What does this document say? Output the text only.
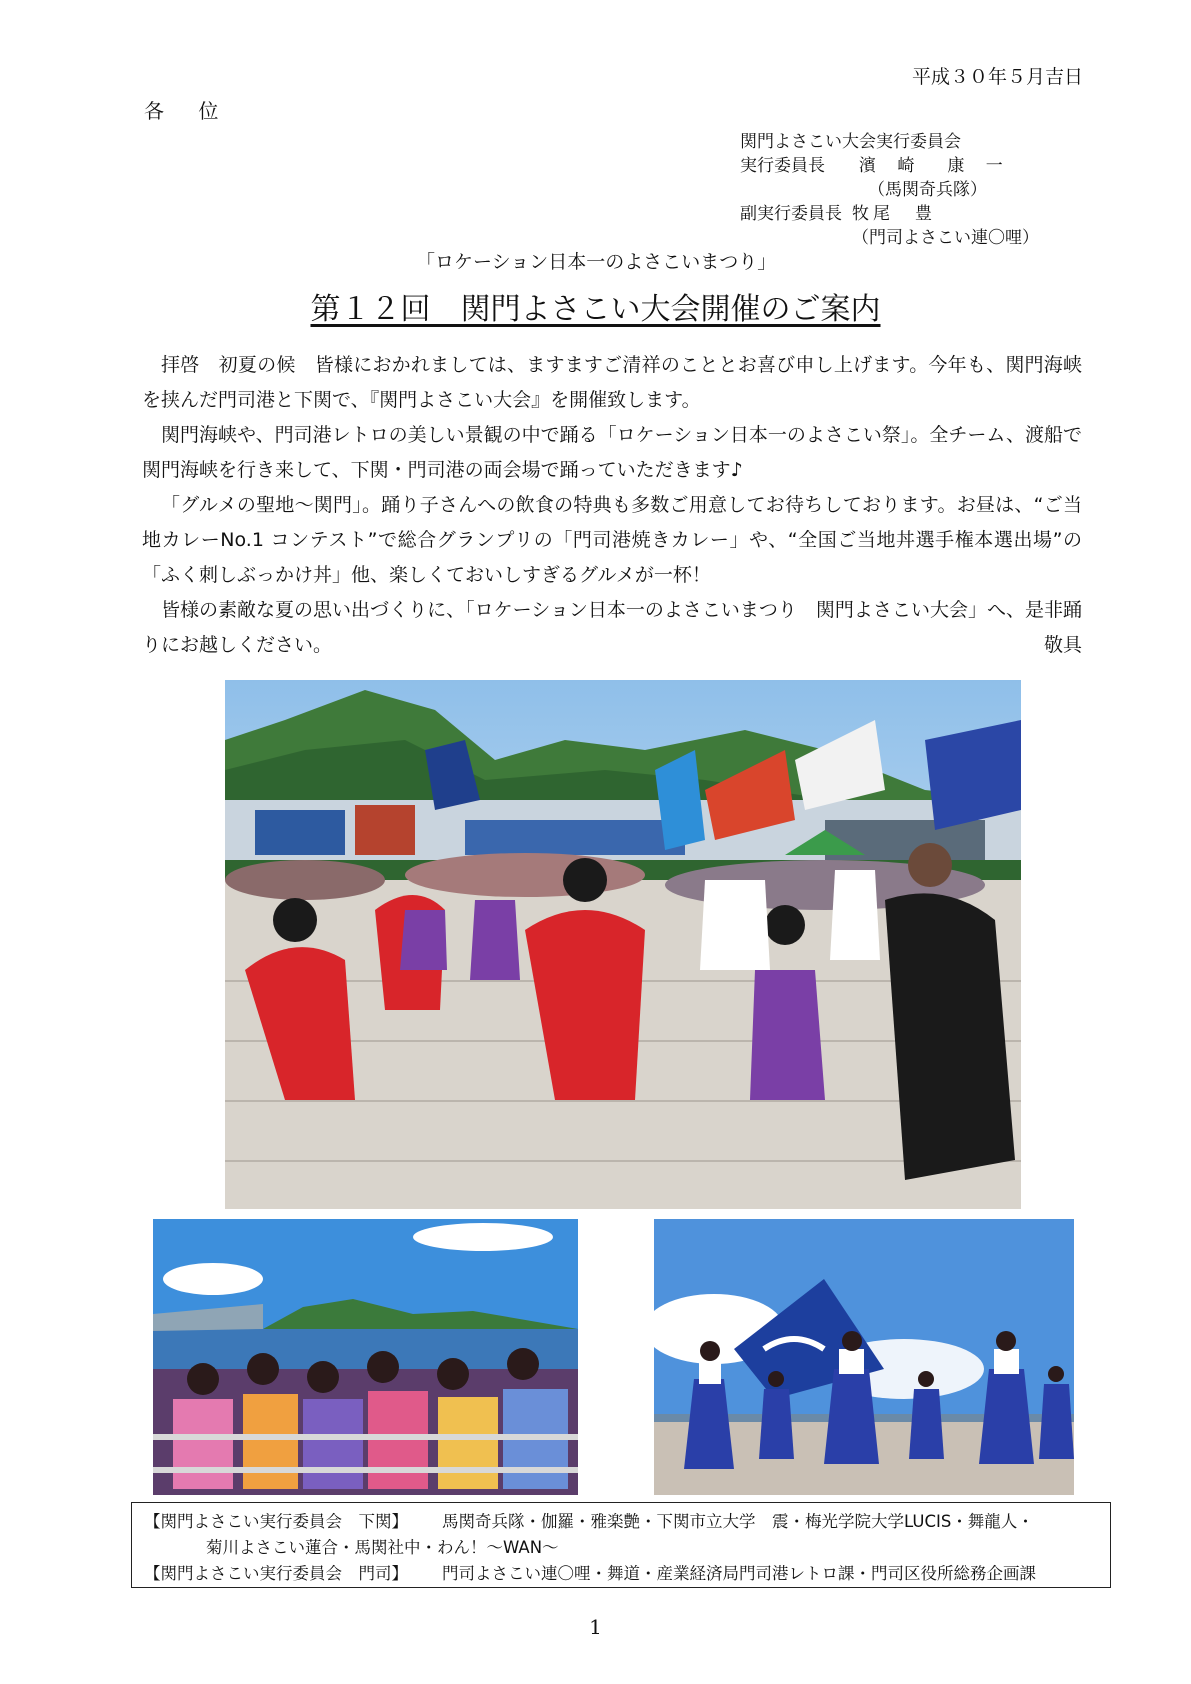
平成３０年５月吉日
各 位
関門よさこい大会実行委員会
実行委員長 濱 崎　康 一
（馬関奇兵隊）
副実行委員長 牧尾　豊
（門司よさこい連〇哩）
「ロケーション日本一のよさこいまつり」
第１２回　関門よさこい大会開催のご案内

拝啓　初夏の候　皆様におかれましては、ますますご清祥のこととお喜び申し上げます。今年も、関門海峡を挟んだ門司港と下関で、『関門よさこい大会』を開催致します。

関門海峡や、門司港レトロの美しい景観の中で踊る「ロケーション日本一のよさこい祭」。全チーム、渡船で関門海峡を行き来して、下関・門司港の両会場で踊っていただきます♪

「グルメの聖地～関門」。踊り子さんへの飲食の特典も多数ご用意してお待ちしております。お昼は、“ご当地カレーNo.1 コンテスト”で総合グランプリの「門司港焼きカレー」や、“全国ご当地丼選手権本選出場”の「ふく刺しぶっかけ丼」他、楽しくておいしすぎるグルメが一杯！

皆様の素敵な夏の思い出づくりに、「ロケーション日本一のよさこいまつり　関門よさこい大会」へ、是非踊りにお越しください。	敬具

【関門よさこい実行委員会　下関】 馬関奇兵隊・伽羅・雅楽艶・下関市立大学　震・梅光学院大学LUCIS・舞龍人・
菊川よさこい蓮合・馬関社中・わん！～WAN～
【関門よさこい実行委員会　門司】 門司よさこい連〇哩・舞道・産業経済局門司港レトロ課・門司区役所総務企画課
1
